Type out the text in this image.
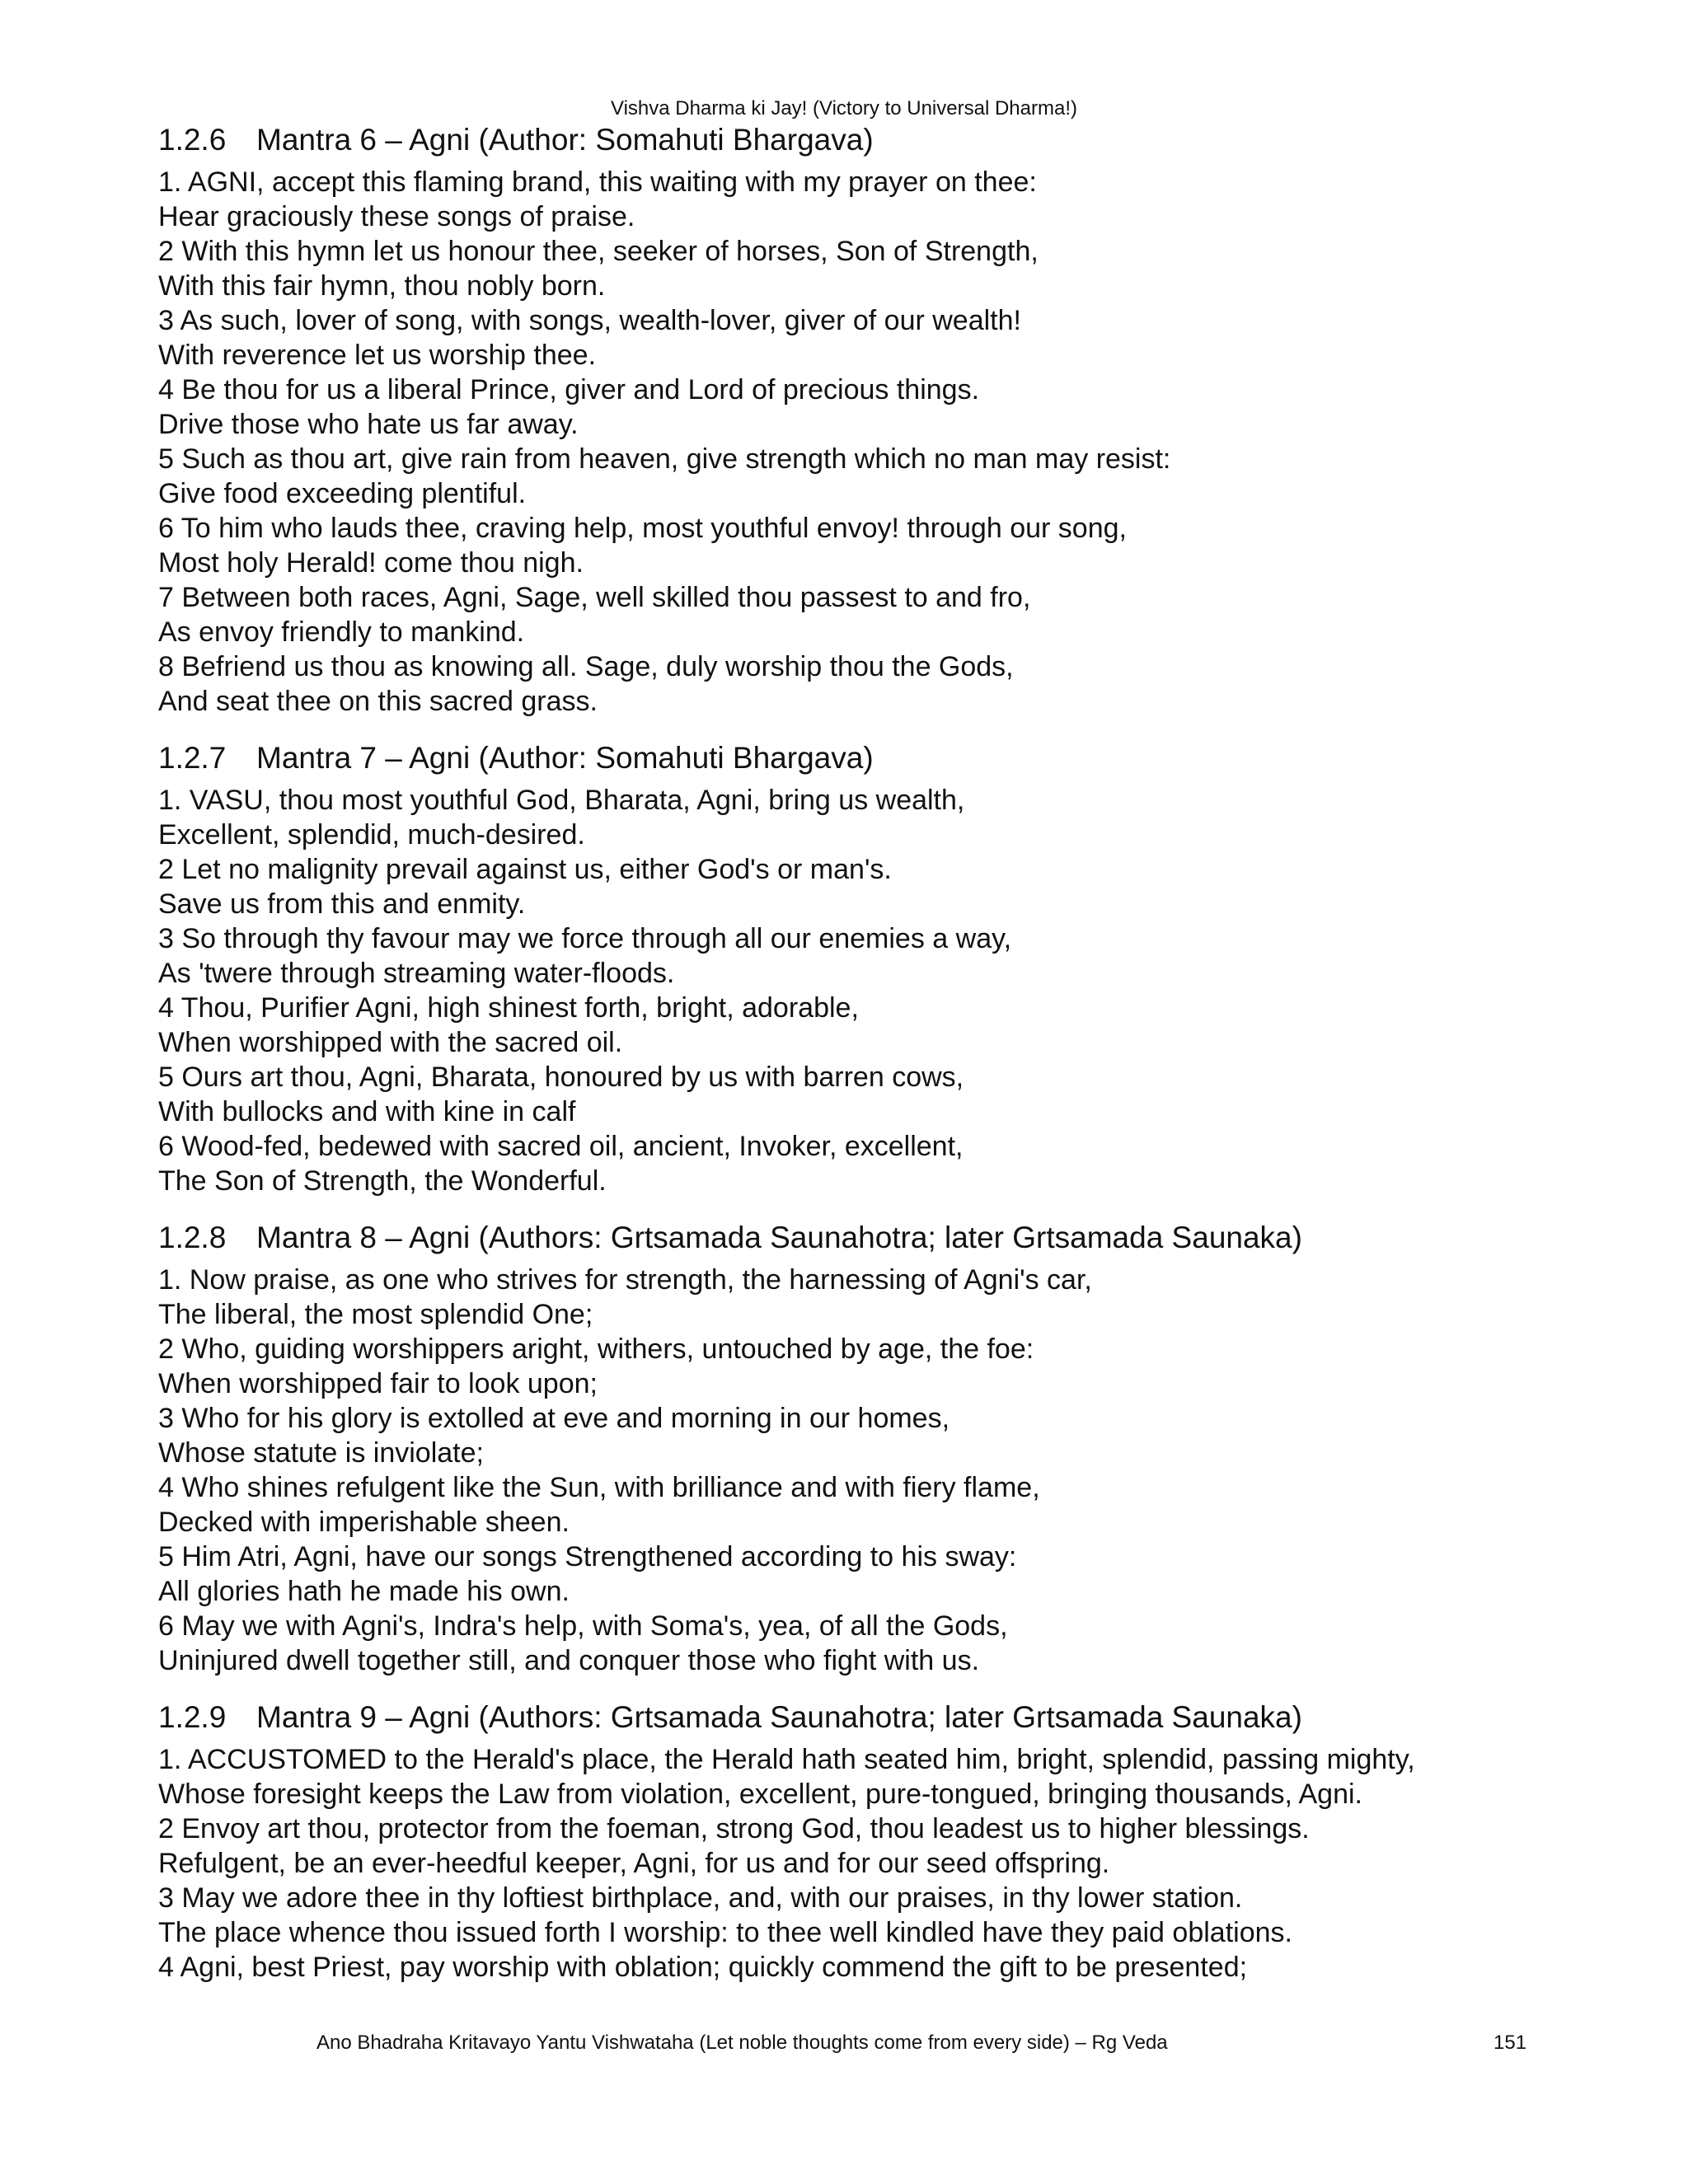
Vishva Dharma ki Jay! (Victory to Universal Dharma!)
1.2.6 Mantra 6 – Agni (Author: Somahuti Bhargava)
1. AGNI, accept this flaming brand, this waiting with my prayer on thee:
Hear graciously these songs of praise.
2 With this hymn let us honour thee, seeker of horses, Son of Strength,
With this fair hymn, thou nobly born.
3 As such, lover of song, with songs, wealth-lover, giver of our wealth!
With reverence let us worship thee.
4 Be thou for us a liberal Prince, giver and Lord of precious things.
Drive those who hate us far away.
5 Such as thou art, give rain from heaven, give strength which no man may resist:
Give food exceeding plentiful.
6 To him who lauds thee, craving help, most youthful envoy! through our song,
Most holy Herald! come thou nigh.
7 Between both races, Agni, Sage, well skilled thou passest to and fro,
As envoy friendly to mankind.
8 Befriend us thou as knowing all. Sage, duly worship thou the Gods,
And seat thee on this sacred grass.
1.2.7 Mantra 7 – Agni (Author: Somahuti Bhargava)
1. VASU, thou most youthful God, Bharata, Agni, bring us wealth,
Excellent, splendid, much-desired.
2 Let no malignity prevail against us, either God's or man's.
Save us from this and enmity.
3 So through thy favour may we force through all our enemies a way,
As 'twere through streaming water-floods.
4 Thou, Purifier Agni, high shinest forth, bright, adorable,
When worshipped with the sacred oil.
5 Ours art thou, Agni, Bharata, honoured by us with barren cows,
With bullocks and with kine in calf
6 Wood-fed, bedewed with sacred oil, ancient, Invoker, excellent,
The Son of Strength, the Wonderful.
1.2.8 Mantra 8 – Agni (Authors: Grtsamada Saunahotra; later Grtsamada Saunaka)
1. Now praise, as one who strives for strength, the harnessing of Agni's car,
The liberal, the most splendid One;
2 Who, guiding worshippers aright, withers, untouched by age, the foe:
When worshipped fair to look upon;
3 Who for his glory is extolled at eve and morning in our homes,
Whose statute is inviolate;
4 Who shines refulgent like the Sun, with brilliance and with fiery flame,
Decked with imperishable sheen.
5 Him Atri, Agni, have our songs Strengthened according to his sway:
All glories hath he made his own.
6 May we with Agni's, Indra's help, with Soma's, yea, of all the Gods,
Uninjured dwell together still, and conquer those who fight with us.
1.2.9 Mantra 9 – Agni (Authors: Grtsamada Saunahotra; later Grtsamada Saunaka)
1. ACCUSTOMED to the Herald's place, the Herald hath seated him, bright, splendid, passing mighty,
Whose foresight keeps the Law from violation, excellent, pure-tongued, bringing thousands, Agni.
2 Envoy art thou, protector from the foeman, strong God, thou leadest us to higher blessings.
Refulgent, be an ever-heedful keeper, Agni, for us and for our seed offspring.
3 May we adore thee in thy loftiest birthplace, and, with our praises, in thy lower station.
The place whence thou issued forth I worship: to thee well kindled have they paid oblations.
4 Agni, best Priest, pay worship with oblation; quickly commend the gift to be presented;
Ano Bhadraha Kritavayo Yantu Vishwataha (Let noble thoughts come from every side) – Rg Veda	151
